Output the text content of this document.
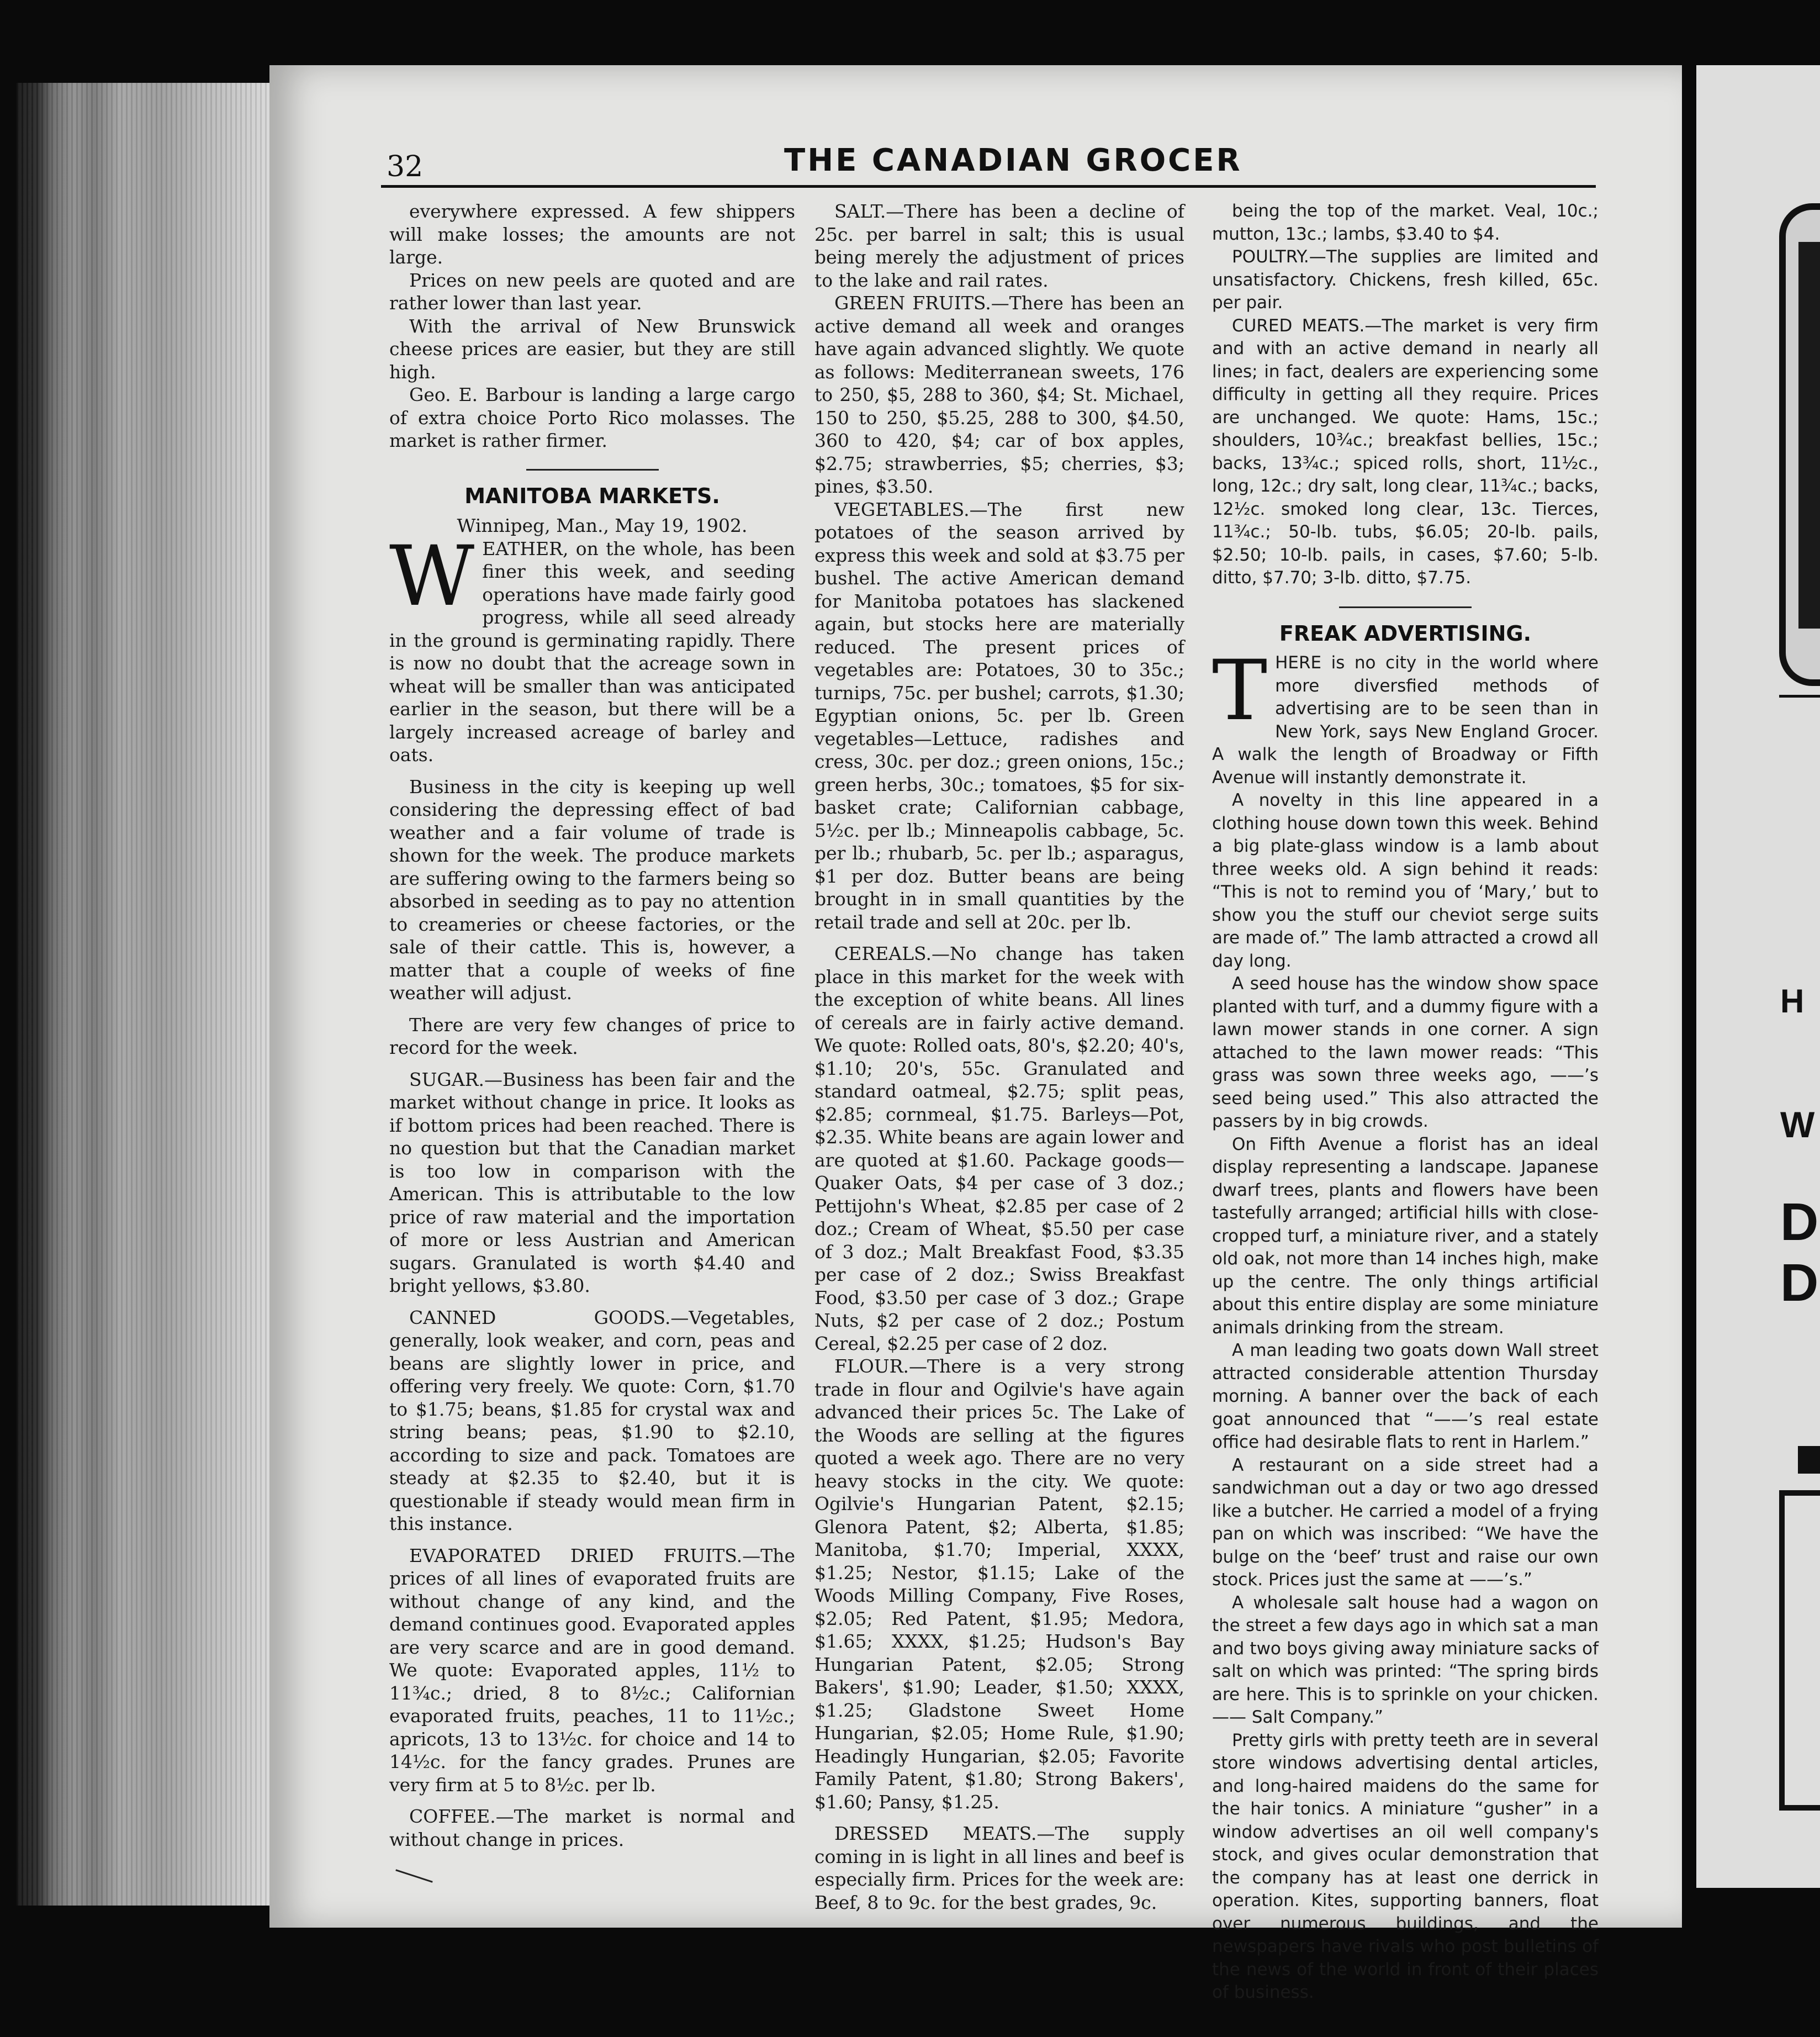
H
W
D
D
32	THE CANADIAN GROCER

everywhere expressed. A few shippers will make losses; the amounts are not large.

Prices on new peels are quoted and are rather lower than last year.

With the arrival of New Brunswick cheese prices are easier, but they are still high.

Geo. E. Barbour is landing a large cargo of extra choice Porto Rico molasses. The market is rather firmer.

MANITOBA MARKETS.

Winnipeg, Man., May 19, 1902.

WEATHER, on the whole, has been finer this week, and seeding operations have made fairly good progress, while all seed already in the ground is germinating rapidly. There is now no doubt that the acreage sown in wheat will be smaller than was anticipated earlier in the season, but there will be a largely increased acreage of barley and oats.

Business in the city is keeping up well considering the depressing effect of bad weather and a fair volume of trade is shown for the week. The produce markets are suffering owing to the farmers being so absorbed in seeding as to pay no attention to creameries or cheese factories, or the sale of their cattle. This is, however, a matter that a couple of weeks of fine weather will adjust.

There are very few changes of price to record for the week.

SUGAR.—Business has been fair and the market without change in price. It looks as if bottom prices had been reached. There is no question but that the Canadian market is too low in comparison with the American. This is attributable to the low price of raw material and the importation of more or less Austrian and American sugars. Granulated is worth $4.40 and bright yellows, $3.80.

CANNED GOODS.—Vegetables, generally, look weaker, and corn, peas and beans are slightly lower in price, and offering very freely. We quote: Corn, $1.70 to $1.75; beans, $1.85 for crystal wax and string beans; peas, $1.90 to $2.10, according to size and pack. Tomatoes are steady at $2.35 to $2.40, but it is questionable if steady would mean firm in this instance.

EVAPORATED DRIED FRUITS.—The prices of all lines of evaporated fruits are without change of any kind, and the demand continues good. Evaporated apples are very scarce and are in good demand. We quote: Evaporated apples, 11½ to 11¾c.; dried, 8 to 8½c.; Californian evaporated fruits, peaches, 11 to 11½c.; apricots, 13 to 13½c. for choice and 14 to 14½c. for the fancy grades. Prunes are very firm at 5 to 8½c. per lb.

COFFEE.—The market is normal and without change in prices.

SALT.—There has been a decline of 25c. per barrel in salt; this is usual being merely the adjustment of prices to the lake and rail rates.

GREEN FRUITS.—There has been an active demand all week and oranges have again advanced slightly. We quote as follows: Mediterranean sweets, 176 to 250, $5, 288 to 360, $4; St. Michael, 150 to 250, $5.25, 288 to 300, $4.50, 360 to 420, $4; car of box apples, $2.75; strawberries, $5; cherries, $3; pines, $3.50.

VEGETABLES.—The first new potatoes of the season arrived by express this week and sold at $3.75 per bushel. The active American demand for Manitoba potatoes has slackened again, but stocks here are materially reduced. The present prices of vegetables are: Potatoes, 30 to 35c.; turnips, 75c. per bushel; carrots, $1.30; Egyptian onions, 5c. per lb. Green vegetables—Lettuce, radishes and cress, 30c. per doz.; green onions, 15c.; green herbs, 30c.; tomatoes, $5 for six-basket crate; Californian cabbage, 5½c. per lb.; Minneapolis cabbage, 5c. per lb.; rhubarb, 5c. per lb.; asparagus, $1 per doz. Butter beans are being brought in in small quantities by the retail trade and sell at 20c. per lb.

CEREALS.—No change has taken place in this market for the week with the exception of white beans. All lines of cereals are in fairly active demand. We quote: Rolled oats, 80's, $2.20; 40's, $1.10; 20's, 55c. Granulated and standard oatmeal, $2.75; split peas, $2.85; cornmeal, $1.75. Barleys—Pot, $2.35. White beans are again lower and are quoted at $1.60. Package goods—Quaker Oats, $4 per case of 3 doz.; Pettijohn's Wheat, $2.85 per case of 2 doz.; Cream of Wheat, $5.50 per case of 3 doz.; Malt Breakfast Food, $3.35 per case of 2 doz.; Swiss Breakfast Food, $3.50 per case of 3 doz.; Grape Nuts, $2 per case of 2 doz.; Postum Cereal, $2.25 per case of 2 doz.

FLOUR.—There is a very strong trade in flour and Ogilvie's have again advanced their prices 5c. The Lake of the Woods are selling at the figures quoted a week ago. There are no very heavy stocks in the city. We quote: Ogilvie's Hungarian Patent, $2.15; Glenora Patent, $2; Alberta, $1.85; Manitoba, $1.70; Imperial, XXXX, $1.25; Nestor, $1.15; Lake of the Woods Milling Company, Five Roses, $2.05; Red Patent, $1.95; Medora, $1.65; XXXX, $1.25; Hudson's Bay Hungarian Patent, $2.05; Strong Bakers', $1.90; Leader, $1.50; XXXX, $1.25; Gladstone Sweet Home Hungarian, $2.05; Home Rule, $1.90; Headingly Hungarian, $2.05; Favorite Family Patent, $1.80; Strong Bakers', $1.60; Pansy, $1.25.

DRESSED MEATS.—The supply coming in is light in all lines and beef is especially firm. Prices for the week are: Beef, 8 to 9c. for the best grades, 9c.

being the top of the market. Veal, 10c.; mutton, 13c.; lambs, $3.40 to $4.

POULTRY.—The supplies are limited and unsatisfactory. Chickens, fresh killed, 65c. per pair.

CURED MEATS.—The market is very firm and with an active demand in nearly all lines; in fact, dealers are experiencing some difficulty in getting all they require. Prices are unchanged. We quote: Hams, 15c.; shoulders, 10¾c.; breakfast bellies, 15c.; backs, 13¾c.; spiced rolls, short, 11½c., long, 12c.; dry salt, long clear, 11¾c.; backs, 12½c. smoked long clear, 13c. Tierces, 11¾c.; 50-lb. tubs, $6.05; 20-lb. pails, $2.50; 10-lb. pails, in cases, $7.60; 5-lb. ditto, $7.70; 3-lb. ditto, $7.75.

FREAK ADVERTISING.

THERE is no city in the world where more diversfied methods of advertising are to be seen than in New York, says New England Grocer. A walk the length of Broadway or Fifth Avenue will instantly demonstrate it.

A novelty in this line appeared in a clothing house down town this week. Behind a big plate-glass window is a lamb about three weeks old. A sign behind it reads: “This is not to remind you of ‘Mary,’ but to show you the stuff our cheviot serge suits are made of.” The lamb attracted a crowd all day long.

A seed house has the window show space planted with turf, and a dummy figure with a lawn mower stands in one corner. A sign attached to the lawn mower reads: “This grass was sown three weeks ago, ——’s seed being used.” This also attracted the passers by in big crowds.

On Fifth Avenue a florist has an ideal display representing a landscape. Japanese dwarf trees, plants and flowers have been tastefully arranged; artificial hills with close-cropped turf, a miniature river, and a stately old oak, not more than 14 inches high, make up the centre. The only things artificial about this entire display are some miniature animals drinking from the stream.

A man leading two goats down Wall street attracted considerable attention Thursday morning. A banner over the back of each goat announced that “——’s real estate office had desirable flats to rent in Harlem.”

A restaurant on a side street had a sandwichman out a day or two ago dressed like a butcher. He carried a model of a frying pan on which was inscribed: “We have the bulge on the ‘beef’ trust and raise our own stock. Prices just the same at ——’s.”

A wholesale salt house had a wagon on the street a few days ago in which sat a man and two boys giving away miniature sacks of salt on which was printed: “The spring birds are here. This is to sprinkle on your chicken. —— Salt Company.”

Pretty girls with pretty teeth are in several store windows advertising dental articles, and long-haired maidens do the same for the hair tonics. A miniature “gusher” in a window advertises an oil well company's stock, and gives ocular demonstration that the company has at least one derrick in operation. Kites, supporting banners, float over numerous buildings, and the newspapers have rivals who post bulletins of the news of the world in front of their places of business.
